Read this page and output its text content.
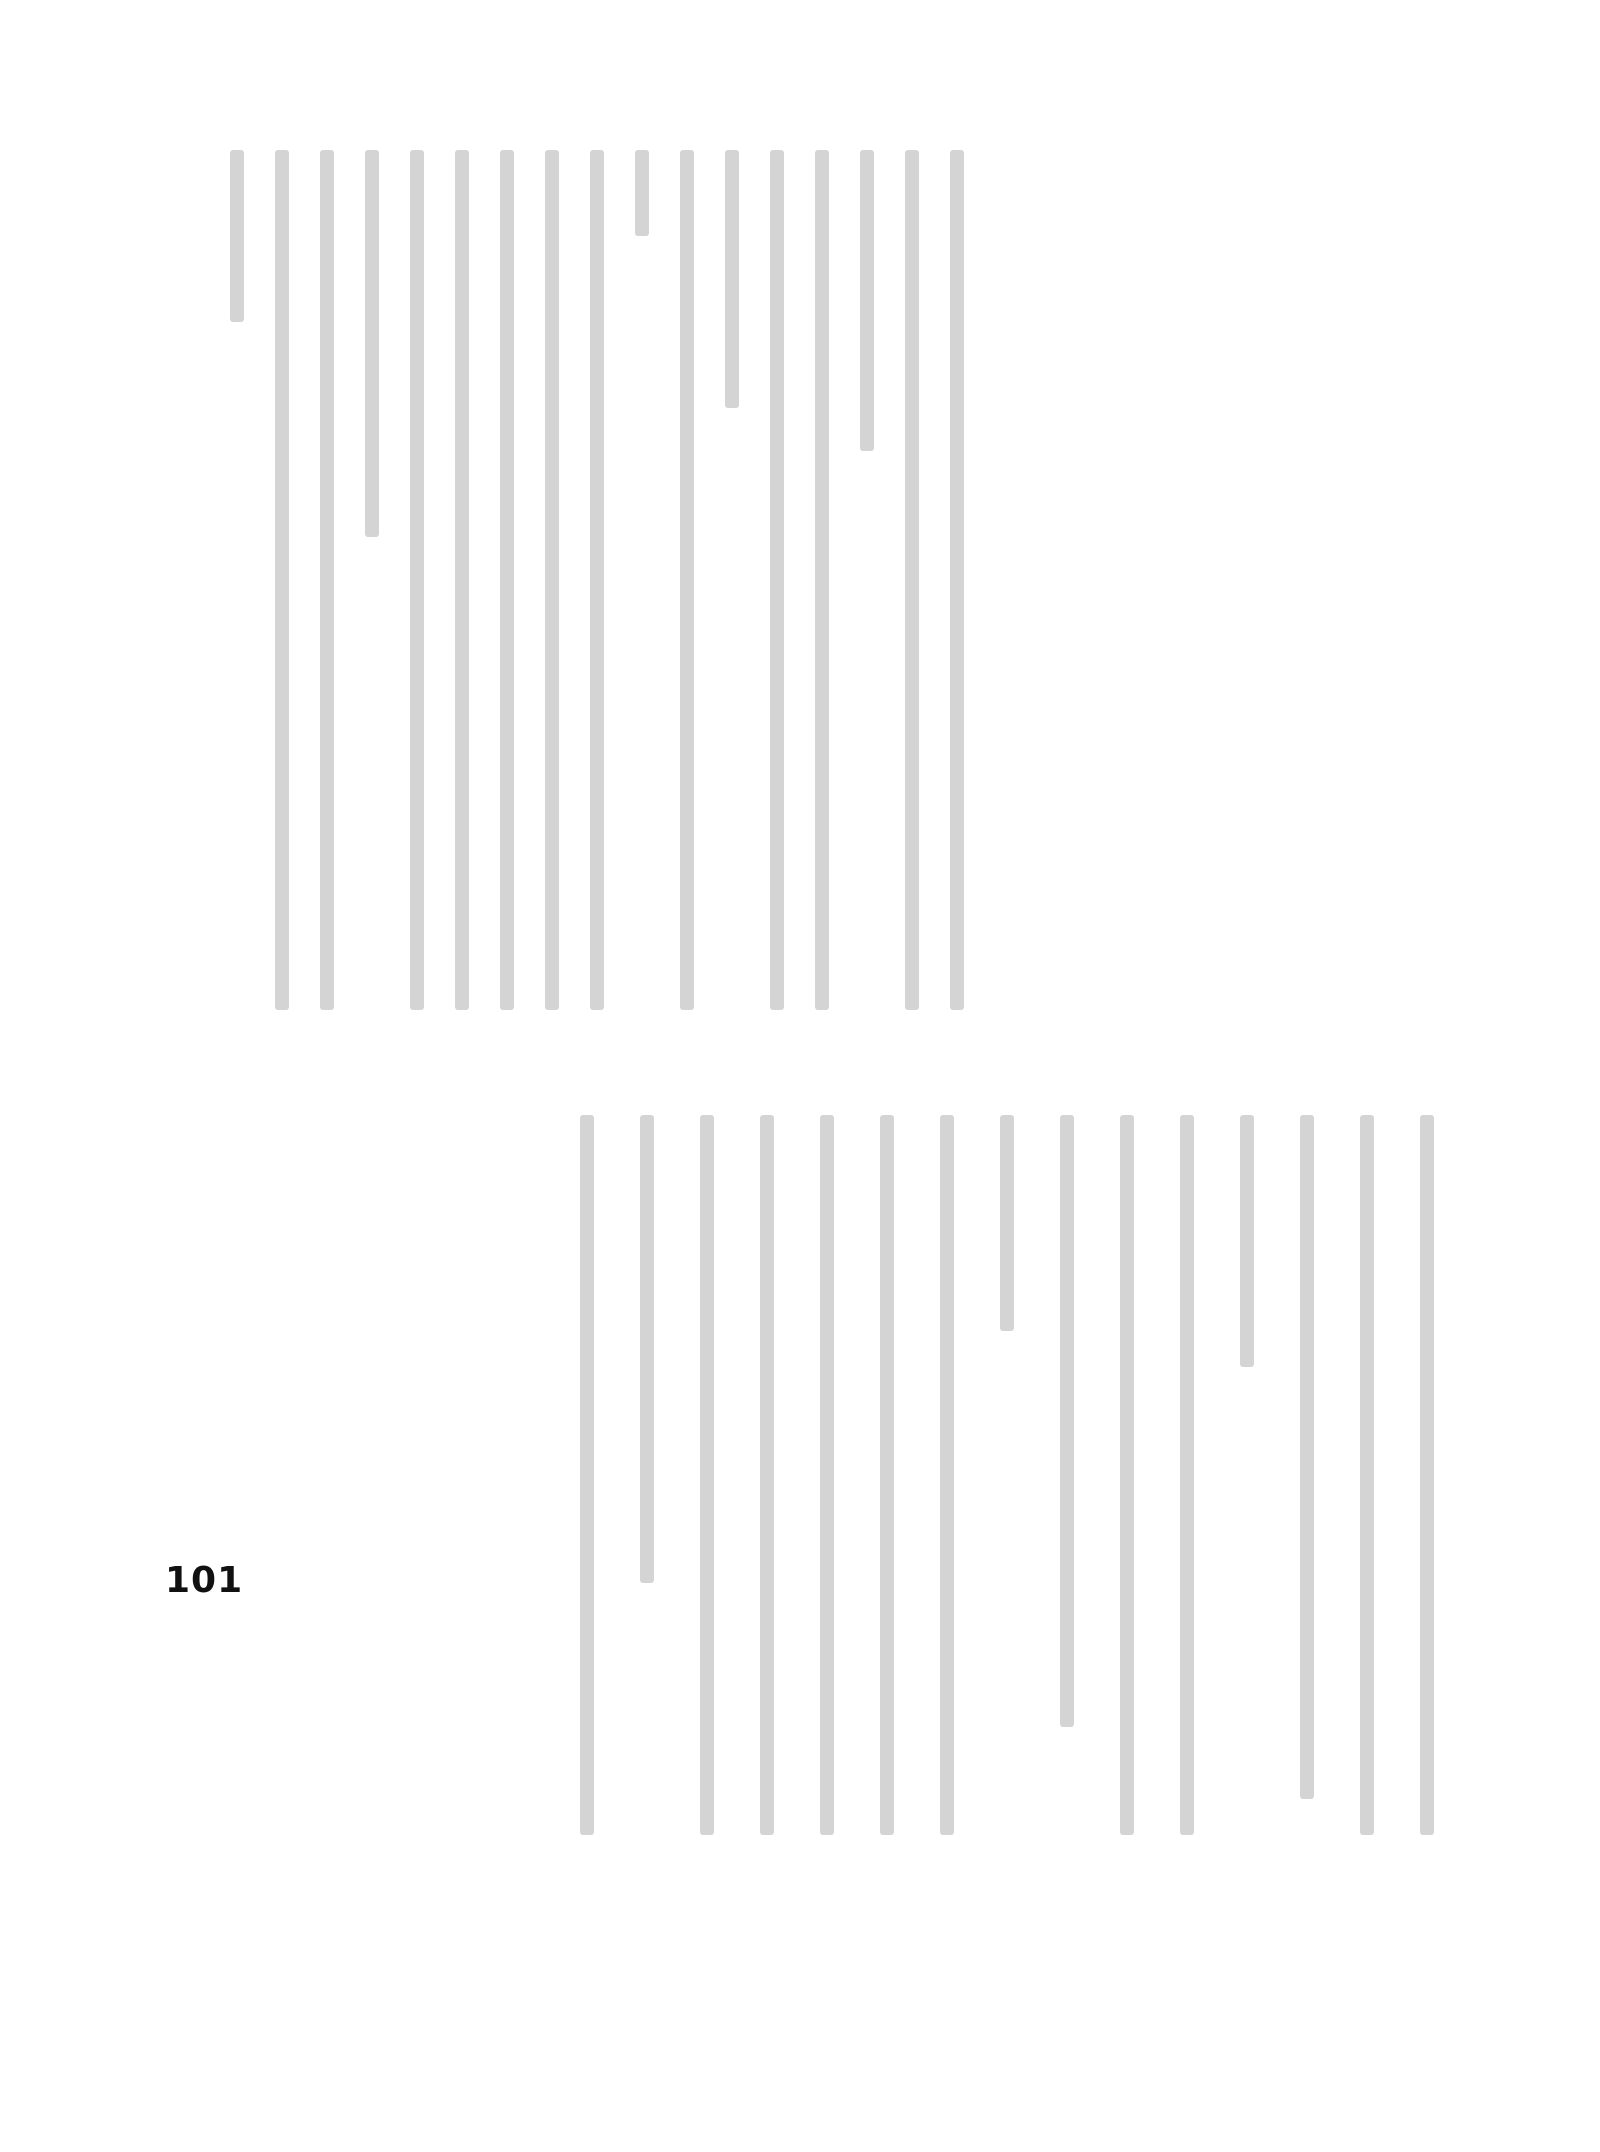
101
